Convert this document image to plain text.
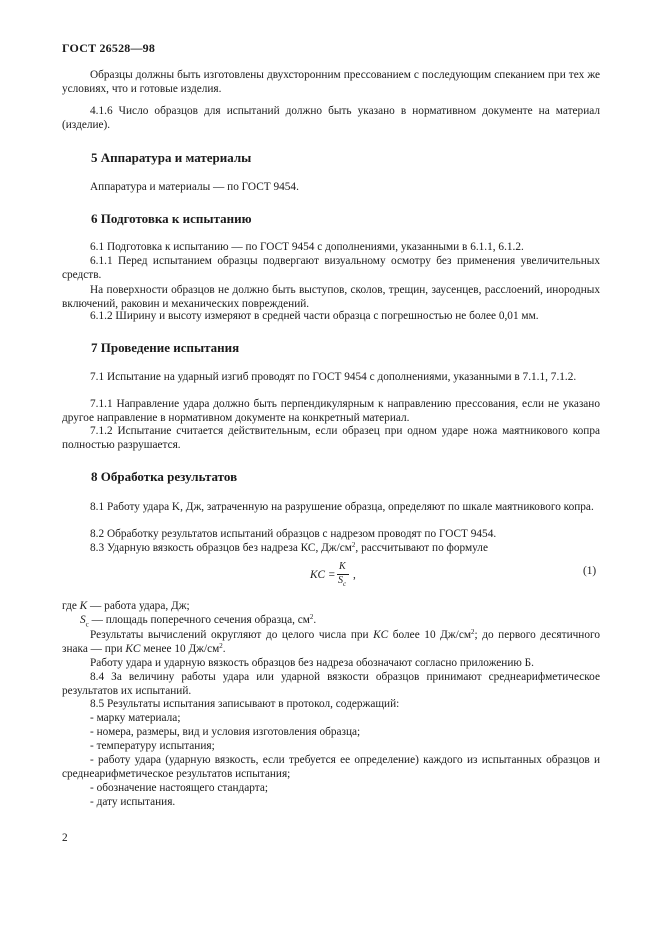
ГОСТ 26528—98

Образцы должны быть изготовлены двухсторонним прессованием с последующим спеканием при тех же условиях, что и готовые изделия.

4.1.6 Число образцов для испытаний должно быть указано в нормативном документе на материал (изделие).

5 Аппаратура и материалы

Аппаратура и материалы — по ГОСТ 9454.

6 Подготовка к испытанию

6.1 Подготовка к испытанию — по ГОСТ 9454 с дополнениями, указанными в 6.1.1, 6.1.2.

6.1.1 Перед испытанием образцы подвергают визуальному осмотру без применения увеличительных средств.

На поверхности образцов не должно быть выступов, сколов, трещин, заусенцев, расслоений, инородных включений, раковин и механических повреждений.

6.1.2 Ширину и высоту измеряют в средней части образца с погрешностью не более 0,01 мм.

7 Проведение испытания

7.1 Испытание на ударный изгиб проводят по ГОСТ 9454 с дополнениями, указанными в 7.1.1, 7.1.2.

7.1.1 Направление удара должно быть перпендикулярным к направлению прессования, если не указано другое направление в нормативном документе на конкретный материал.

7.1.2 Испытание считается действительным, если образец при одном ударе ножа маятникового копра полностью разрушается.

8 Обработка результатов

8.1 Работу удара K, Дж, затраченную на разрушение образца, определяют по шкале маятникового копра.

8.2 Обработку результатов испытаний образцов с надрезом проводят по ГОСТ 9454.

8.3 Ударную вязкость образцов без надреза КС, $Дж/см^2$, рассчитывают по формуле

KC =
K
$S_c$
,	(1)

где K — работа удара, Дж;

$S_c$ — площадь поперечного сечения образца, $см^2$.

Результаты вычислений округляют до целого числа при KC более 10 $Дж/см^2$; до первого десятичного знака — при KC менее 10 $Дж/см^2$.

Работу удара и ударную вязкость образцов без надреза обозначают согласно приложению Б.

8.4 За величину работы удара или ударной вязкости образцов принимают среднеарифметическое результатов их испытаний.

8.5 Результаты испытания записывают в протокол, содержащий:

- марку материала;

- номера, размеры, вид и условия изготовления образца;

- температуру испытания;

- работу удара (ударную вязкость, если требуется ее определение) каждого из испытанных образцов и среднеарифметическое результатов испытания;

- обозначение настоящего стандарта;

- дату испытания.

2
